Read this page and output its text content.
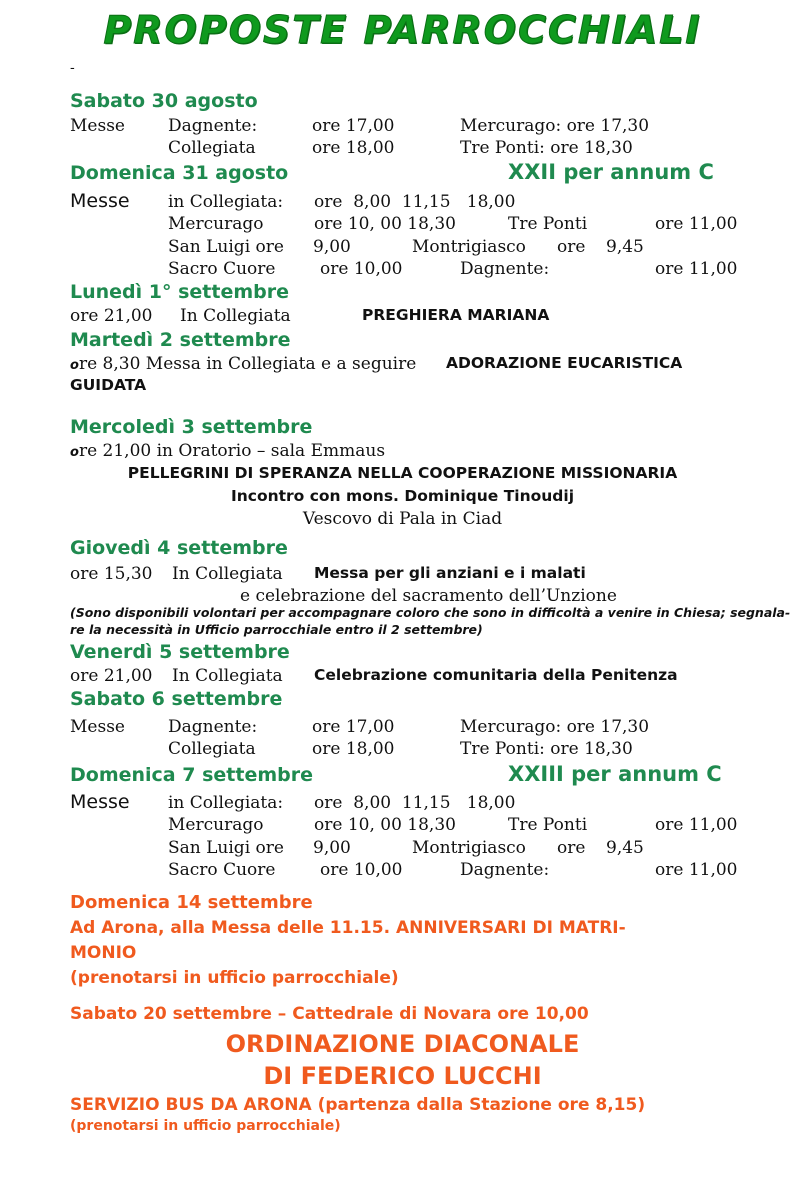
PROPOSTE PARROCCHIALI
-
Sabato 30 agosto
Messe	Dagnente:	ore 17,00	Mercurago: ore 17,30
Collegiata	ore 18,00	Tre Ponti: ore 18,30
Domenica 31 agosto	XXII per annum C
Messe in Collegiata: ore  8,00  11,15   18,00
Mercurago	ore 10, 00 18,30	Tre Ponti	ore 11,00
San Luigi ore 9,00	Montrigiasco ore 9,45
Sacro Cuore	ore 10,00	Dagnente:	ore 11,00
Lunedì 1° settembre
ore 21,00 In Collegiata	PREGHIERA MARIANA
Martedì 2 settembre
ore 8,30 Messa in Collegiata e a seguire ADORAZIONE EUCARISTICA
GUIDATA
Mercoledì 3 settembre
ore 21,00 in Oratorio – sala Emmaus
PELLEGRINI DI SPERANZA NELLA COOPERAZIONE MISSIONARIA
Incontro con mons. Dominique Tinoudij
Vescovo di Pala in Ciad
Giovedì 4 settembre
ore 15,30 In Collegiata Messa per gli anziani e i malati
e celebrazione del sacramento dell’Unzione
(Sono disponibili volontari per accompagnare coloro che sono in difficoltà a venire in Chiesa; segnala-
re la necessità in Ufficio parrocchiale entro il 2 settembre)
Venerdì 5 settembre
ore 21,00 In Collegiata Celebrazione comunitaria della Penitenza
Sabato 6 settembre
Messe	Dagnente:	ore 17,00	Mercurago: ore 17,30
Collegiata	ore 18,00	Tre Ponti: ore 18,30
Domenica 7 settembre	XXIII per annum C
Messe in Collegiata: ore  8,00  11,15   18,00
Mercurago	ore 10, 00 18,30	Tre Ponti	ore 11,00
San Luigi ore 9,00	Montrigiasco ore 9,45
Sacro Cuore	ore 10,00	Dagnente:	ore 11,00
Domenica 14 settembre
Ad Arona, alla Messa delle 11.15. ANNIVERSARI DI MATRI-
MONIO
(prenotarsi in ufficio parrocchiale)
Sabato 20 settembre – Cattedrale di Novara ore 10,00
ORDINAZIONE DIACONALE
DI FEDERICO LUCCHI
SERVIZIO BUS DA ARONA (partenza dalla Stazione ore 8,15)
(prenotarsi in ufficio parrocchiale)
